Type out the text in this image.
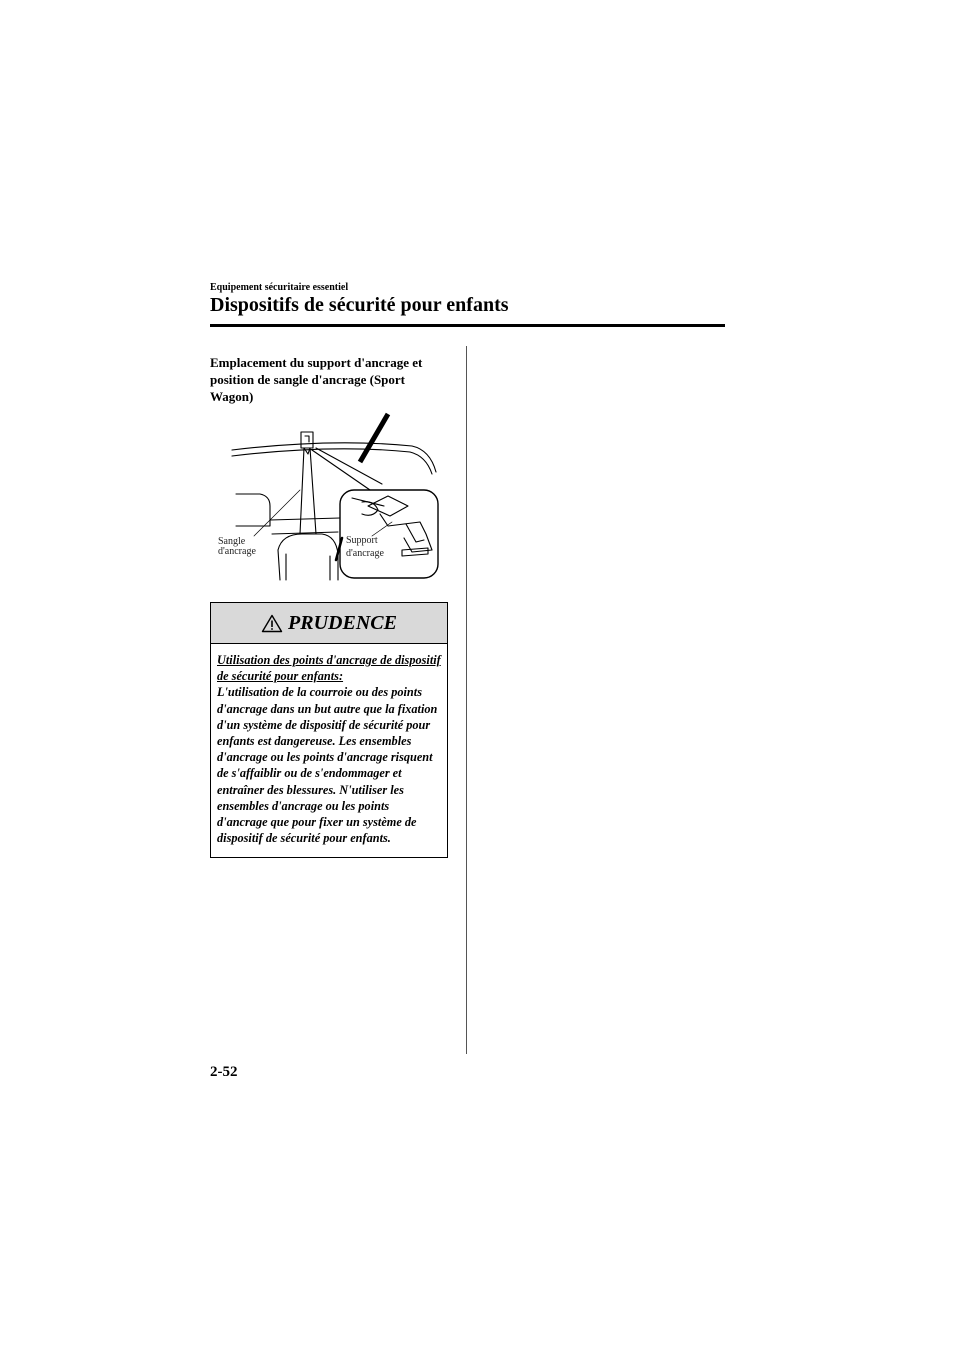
Equipement sécuritaire essentiel
Dispositifs de sécurité pour enfants

Emplacement du support d'ancrage et position de sangle d'ancrage (Sport Wagon)

Sangle
d'ancrage
Support
d'ancrage
PRUDENCE
Utilisation des points d'ancrage de dispositif de sécurité pour enfants:
L'utilisation de la courroie ou des points d'ancrage dans un but autre que la fixation d'un système de dispositif de sécurité pour enfants est dangereuse. Les ensembles d'ancrage ou les points d'ancrage risquent de s'affaiblir ou de s'endommager et entraîner des blessures. N'utiliser les ensembles d'ancrage ou les points d'ancrage que pour fixer un système de dispositif de sécurité pour enfants.
2-52
